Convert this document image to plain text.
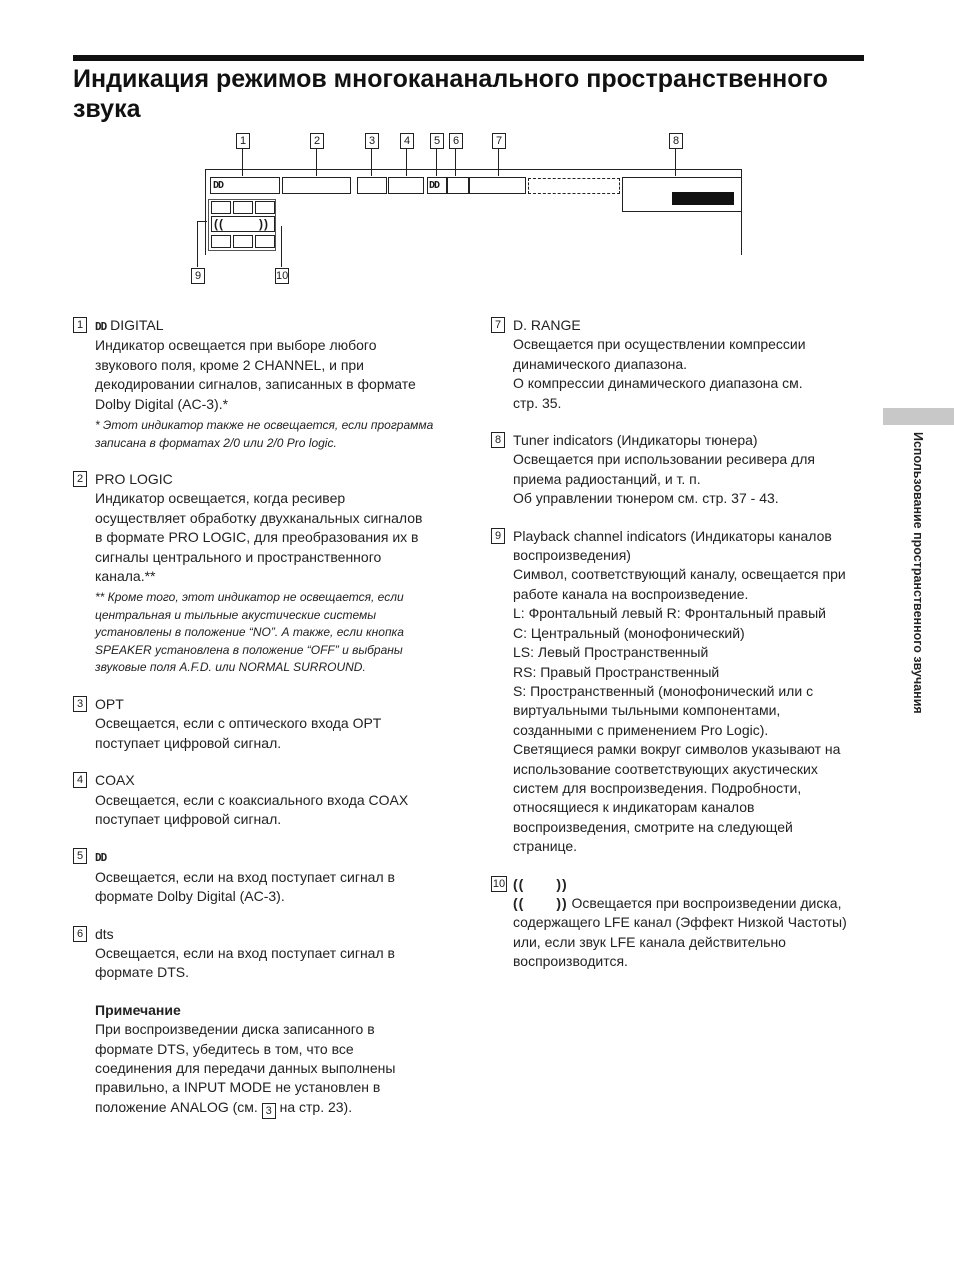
Индикация режимов многокананального пространственного звука
1	2	3	4	5	6	7	8
9	10
DD	DD
((	))
1	DD DIGITAL
Индикатор освещается при выборе любого
звукового поля, кроме 2 CHANNEL, и при
декодировании сигналов, записанных в формате
Dolby Digital (AC-3).*
* Этот индикатор также не освещается, если программа
записана в форматах 2/0 или 2/0 Pro logic.
2 PRO LOGIC
Индикатор освещается, когда ресивер
осуществляет обработку двухканальных сигналов
в формате PRO LOGIC, для преобразования их в
сигналы центрального и пространственного
канала.**
** Кроме того, этот индикатор не освещается, если
центральная и тыльные акустические системы
установлены в положение “NO”. А также, если кнопка
SPEAKER установлена в положение “OFF” и выбраны
звуковые поля A.F.D. или NORMAL SURROUND.
3 OPT
Освещается, если с оптического входа OPT
поступает цифровой сигнал.
4 COAX
Освещается, если с коаксиального входа COAX
поступает цифровой сигнал.
5	DD
Освещается, если на вход поступает сигнал в
формате Dolby Digital (AC-3).
6 dts
Освещается, если на вход поступает сигнал в
формате DTS.
Примечание
При воспроизведении диска записанного в
формате DTS, убедитесь в том, что все
соединения для передачи данных выполнены
правильно, а INPUT MODE не установлен в
положение ANALOG (см. 3 на стр. 23).
7 D. RANGE
Освещается при осуществлении компрессии
динамического диапазона.
О компрессии динамического диапазона см.
стр. 35.
8 Tuner indicators (Индикаторы тюнера)
Освещается при использовании ресивера для
приема радиостанций, и т. п.
Об управлении тюнером см. стр. 37 - 43.
9 Playback channel indicators (Индикаторы каналов
воспроизведения)
Символ, соответствующий каналу, освещается при
работе канала на воспроизведение.
L: Фронтальный левый R: Фронтальный правый
C: Центральный (монофонический)
LS: Левый Пространственный
RS: Правый Пространственный
S: Пространственный (монофонический или с
виртуальными тыльными компонентами,
созданными с применением Pro Logic).
Светящиеся рамки вокруг символов указывают на
использование соответствующих акустических
систем для воспроизведения. Подробности,
относящиеся к индикаторам каналов
воспроизведения, смотрите на следующей
странице.
10 (( ))
(( )) Освещается при воспроизведении диска,
содержащего LFE канал (Эффект Низкой Частоты)
или, если звук LFE канала действительно
воспроизводится.
Использование пространственного звучания
